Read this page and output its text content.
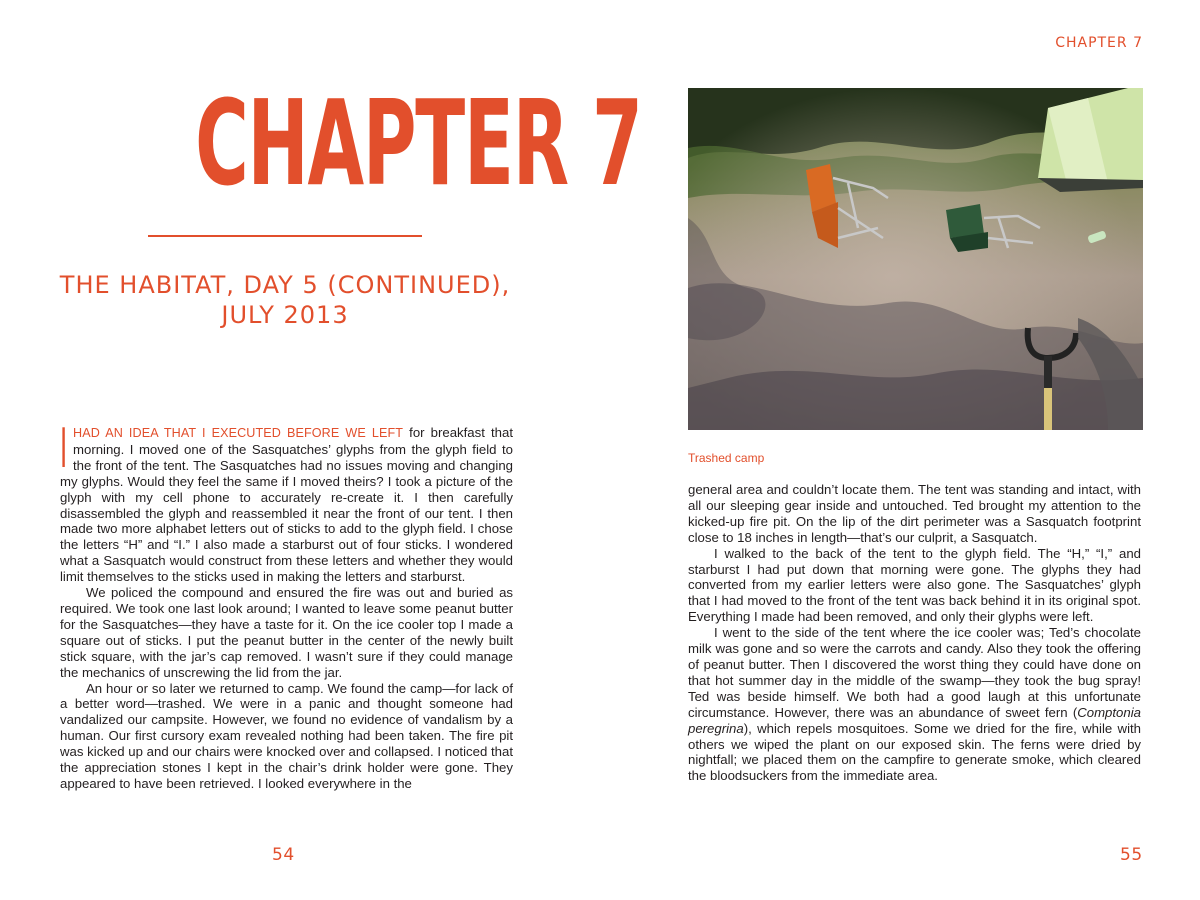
CHAPTER 7
THE HABITAT, DAY 5 (CONTINUED),
JULY 2013

I HAD AN IDEA THAT I EXECUTED BEFORE WE LEFT for breakfast that morning. I moved one of the Sasquatches’ glyphs from the glyph field to the front of the tent. The Sasquatches had no issues moving and changing my glyphs. Would they feel the same if I moved theirs? I took a picture of the glyph with my cell phone to accurately re-create it. I then carefully disassembled the glyph and reassembled it near the front of our tent. I then made two more alphabet letters out of sticks to add to the glyph field. I chose the letters “H” and “I.” I also made a starburst out of four sticks. I wondered what a Sasquatch would construct from these letters and whether they would limit themselves to the sticks used in making the letters and starburst.

We policed the compound and ensured the fire was out and buried as required. We took one last look around; I wanted to leave some peanut butter for the Sasquatches—they have a taste for it. On the ice cooler top I made a square out of sticks. I put the peanut butter in the center of the newly built stick square, with the jar’s cap removed. I wasn’t sure if they could manage the mechanics of unscrewing the lid from the jar.

An hour or so later we returned to camp. We found the camp—for lack of a better word—trashed. We were in a panic and thought someone had vandalized our campsite. However, we found no evidence of vandalism by a human. Our first cursory exam revealed nothing had been taken. The fire pit was kicked up and our chairs were knocked over and collapsed. I noticed that the appreciation stones I kept in the chair’s drink holder were gone. They appeared to have been retrieved. I looked everywhere in the

54
CHAPTER 7
Trashed camp

general area and couldn’t locate them. The tent was standing and intact, with all our sleeping gear inside and untouched. Ted brought my attention to the kicked-up fire pit. On the lip of the dirt perimeter was a Sasquatch footprint close to 18 inches in length—that’s our culprit, a Sasquatch.

I walked to the back of the tent to the glyph field. The “H,” “I,” and starburst I had put down that morning were gone. The glyphs they had converted from my earlier letters were also gone. The Sasquatches’ glyph that I had moved to the front of the tent was back behind it in its original spot. Everything I made had been removed, and only their glyphs were left.

I went to the side of the tent where the ice cooler was; Ted’s chocolate milk was gone and so were the carrots and candy. Also they took the offering of peanut butter. Then I discovered the worst thing they could have done on that hot summer day in the middle of the swamp—they took the bug spray! Ted was beside himself. We both had a good laugh at this unfortunate circumstance. However, there was an abundance of sweet fern (Comptonia peregrina), which repels mosquitoes. Some we dried for the fire, while with others we wiped the plant on our exposed skin. The ferns were dried by nightfall; we placed them on the campfire to generate smoke, which cleared the bloodsuckers from the immediate area.

55
